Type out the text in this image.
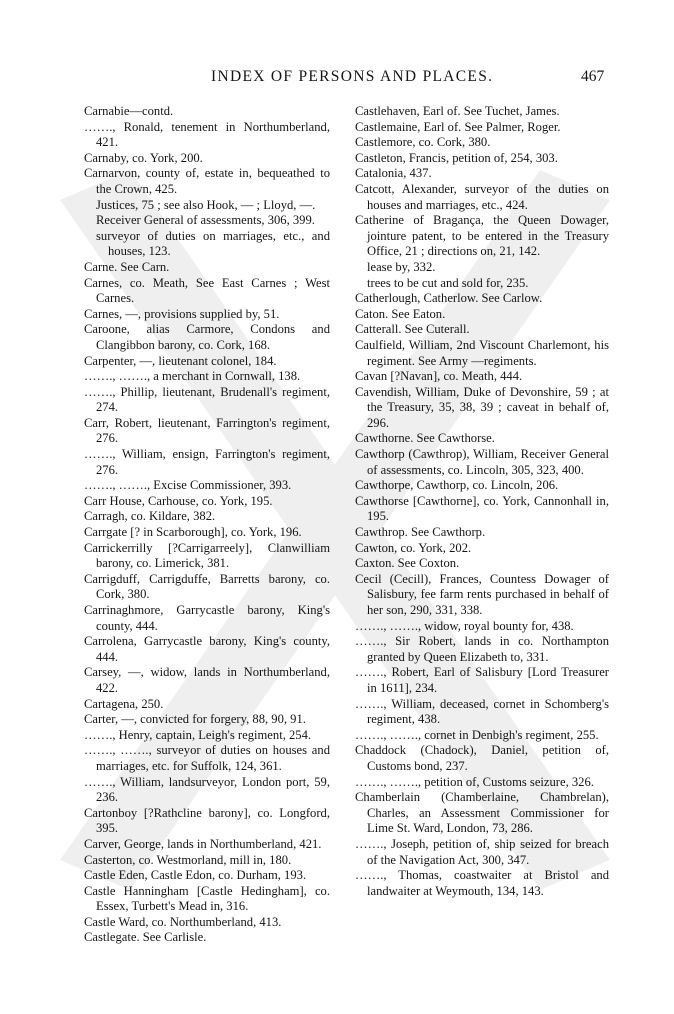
INDEX OF PERSONS AND PLACES.	467

Carnabie—contd.

……., Ronald, tenement in Northumberland, 421.

Carnaby, co. York, 200.

Carnarvon, county of, estate in, bequeathed to the Crown, 425.

Justices, 75 ; see also Hook, — ; Lloyd, —.

Receiver General of assessments, 306, 399.

surveyor of duties on marriages, etc., and houses, 123.

Carne. See Carn.

Carnes, co. Meath, See East Carnes ; West Carnes.

Carnes, —, provisions supplied by, 51.

Caroone, alias Carmore, Condons and Clangibbon barony, co. Cork, 168.

Carpenter, —, lieutenant colonel, 184.

……., ……., a merchant in Cornwall, 138.

……., Phillip, lieutenant, Brudenall's regiment, 274.

Carr, Robert, lieutenant, Farrington's regiment, 276.

……., William, ensign, Farrington's regiment, 276.

……., ……., Excise Commissioner, 393.

Carr House, Carhouse, co. York, 195.

Carragh, co. Kildare, 382.

Carrgate [? in Scarborough], co. York, 196.

Carrickerrilly [?Carrigarreely], Clanwilliam barony, co. Limerick, 381.

Carrigduff, Carrigduffe, Barretts barony, co. Cork, 380.

Carrinaghmore, Garrycastle barony, King's county, 444.

Carrolena, Garrycastle barony, King's county, 444.

Carsey, —, widow, lands in Northumberland, 422.

Cartagena, 250.

Carter, —, convicted for forgery, 88, 90, 91.

……., Henry, captain, Leigh's regiment, 254.

……., ……., surveyor of duties on houses and marriages, etc. for Suffolk, 124, 361.

……., William, landsurveyor, London port, 59, 236.

Cartonboy [?Rathcline barony], co. Longford, 395.

Carver, George, lands in Northumberland, 421.

Casterton, co. Westmorland, mill in, 180.

Castle Eden, Castle Edon, co. Durham, 193.

Castle Hanningham [Castle Hedingham], co. Essex, Turbett's Mead in, 316.

Castle Ward, co. Northumberland, 413.

Castlegate. See Carlisle.

Castlehaven, Earl of. See Tuchet, James.

Castlemaine, Earl of. See Palmer, Roger.

Castlemore, co. Cork, 380.

Castleton, Francis, petition of, 254, 303.

Catalonia, 437.

Catcott, Alexander, surveyor of the duties on houses and marriages, etc., 424.

Catherine of Bragança, the Queen Dowager, jointure patent, to be entered in the Treasury Office, 21 ; directions on, 21, 142.

lease by, 332.

trees to be cut and sold for, 235.

Catherlough, Catherlow. See Carlow.

Caton. See Eaton.

Catterall. See Cuterall.

Caulfield, William, 2nd Viscount Charlemont, his regiment. See Army —regiments.

Cavan [?Navan], co. Meath, 444.

Cavendish, William, Duke of Devonshire, 59 ; at the Treasury, 35, 38, 39 ; caveat in behalf of, 296.

Cawthorne. See Cawthorse.

Cawthorp (Cawthrop), William, Receiver General of assessments, co. Lincoln, 305, 323, 400.

Cawthorpe, Cawthorp, co. Lincoln, 206.

Cawthorse [Cawthorne], co. York, Cannonhall in, 195.

Cawthrop. See Cawthorp.

Cawton, co. York, 202.

Caxton. See Coxton.

Cecil (Cecill), Frances, Countess Dowager of Salisbury, fee farm rents purchased in behalf of her son, 290, 331, 338.

……., ……., widow, royal bounty for, 438.

……., Sir Robert, lands in co. Northampton granted by Queen Elizabeth to, 331.

……., Robert, Earl of Salisbury [Lord Treasurer in 1611], 234.

……., William, deceased, cornet in Schomberg's regiment, 438.

……., ……., cornet in Denbigh's regiment, 255.

Chaddock (Chadock), Daniel, petition of, Customs bond, 237.

……., ……., petition of, Customs seizure, 326.

Chamberlain (Chamberlaine, Chambrelan), Charles, an Assessment Commissioner for Lime St. Ward, London, 73, 286.

……., Joseph, petition of, ship seized for breach of the Navigation Act, 300, 347.

……., Thomas, coastwaiter at Bristol and landwaiter at Weymouth, 134, 143.
